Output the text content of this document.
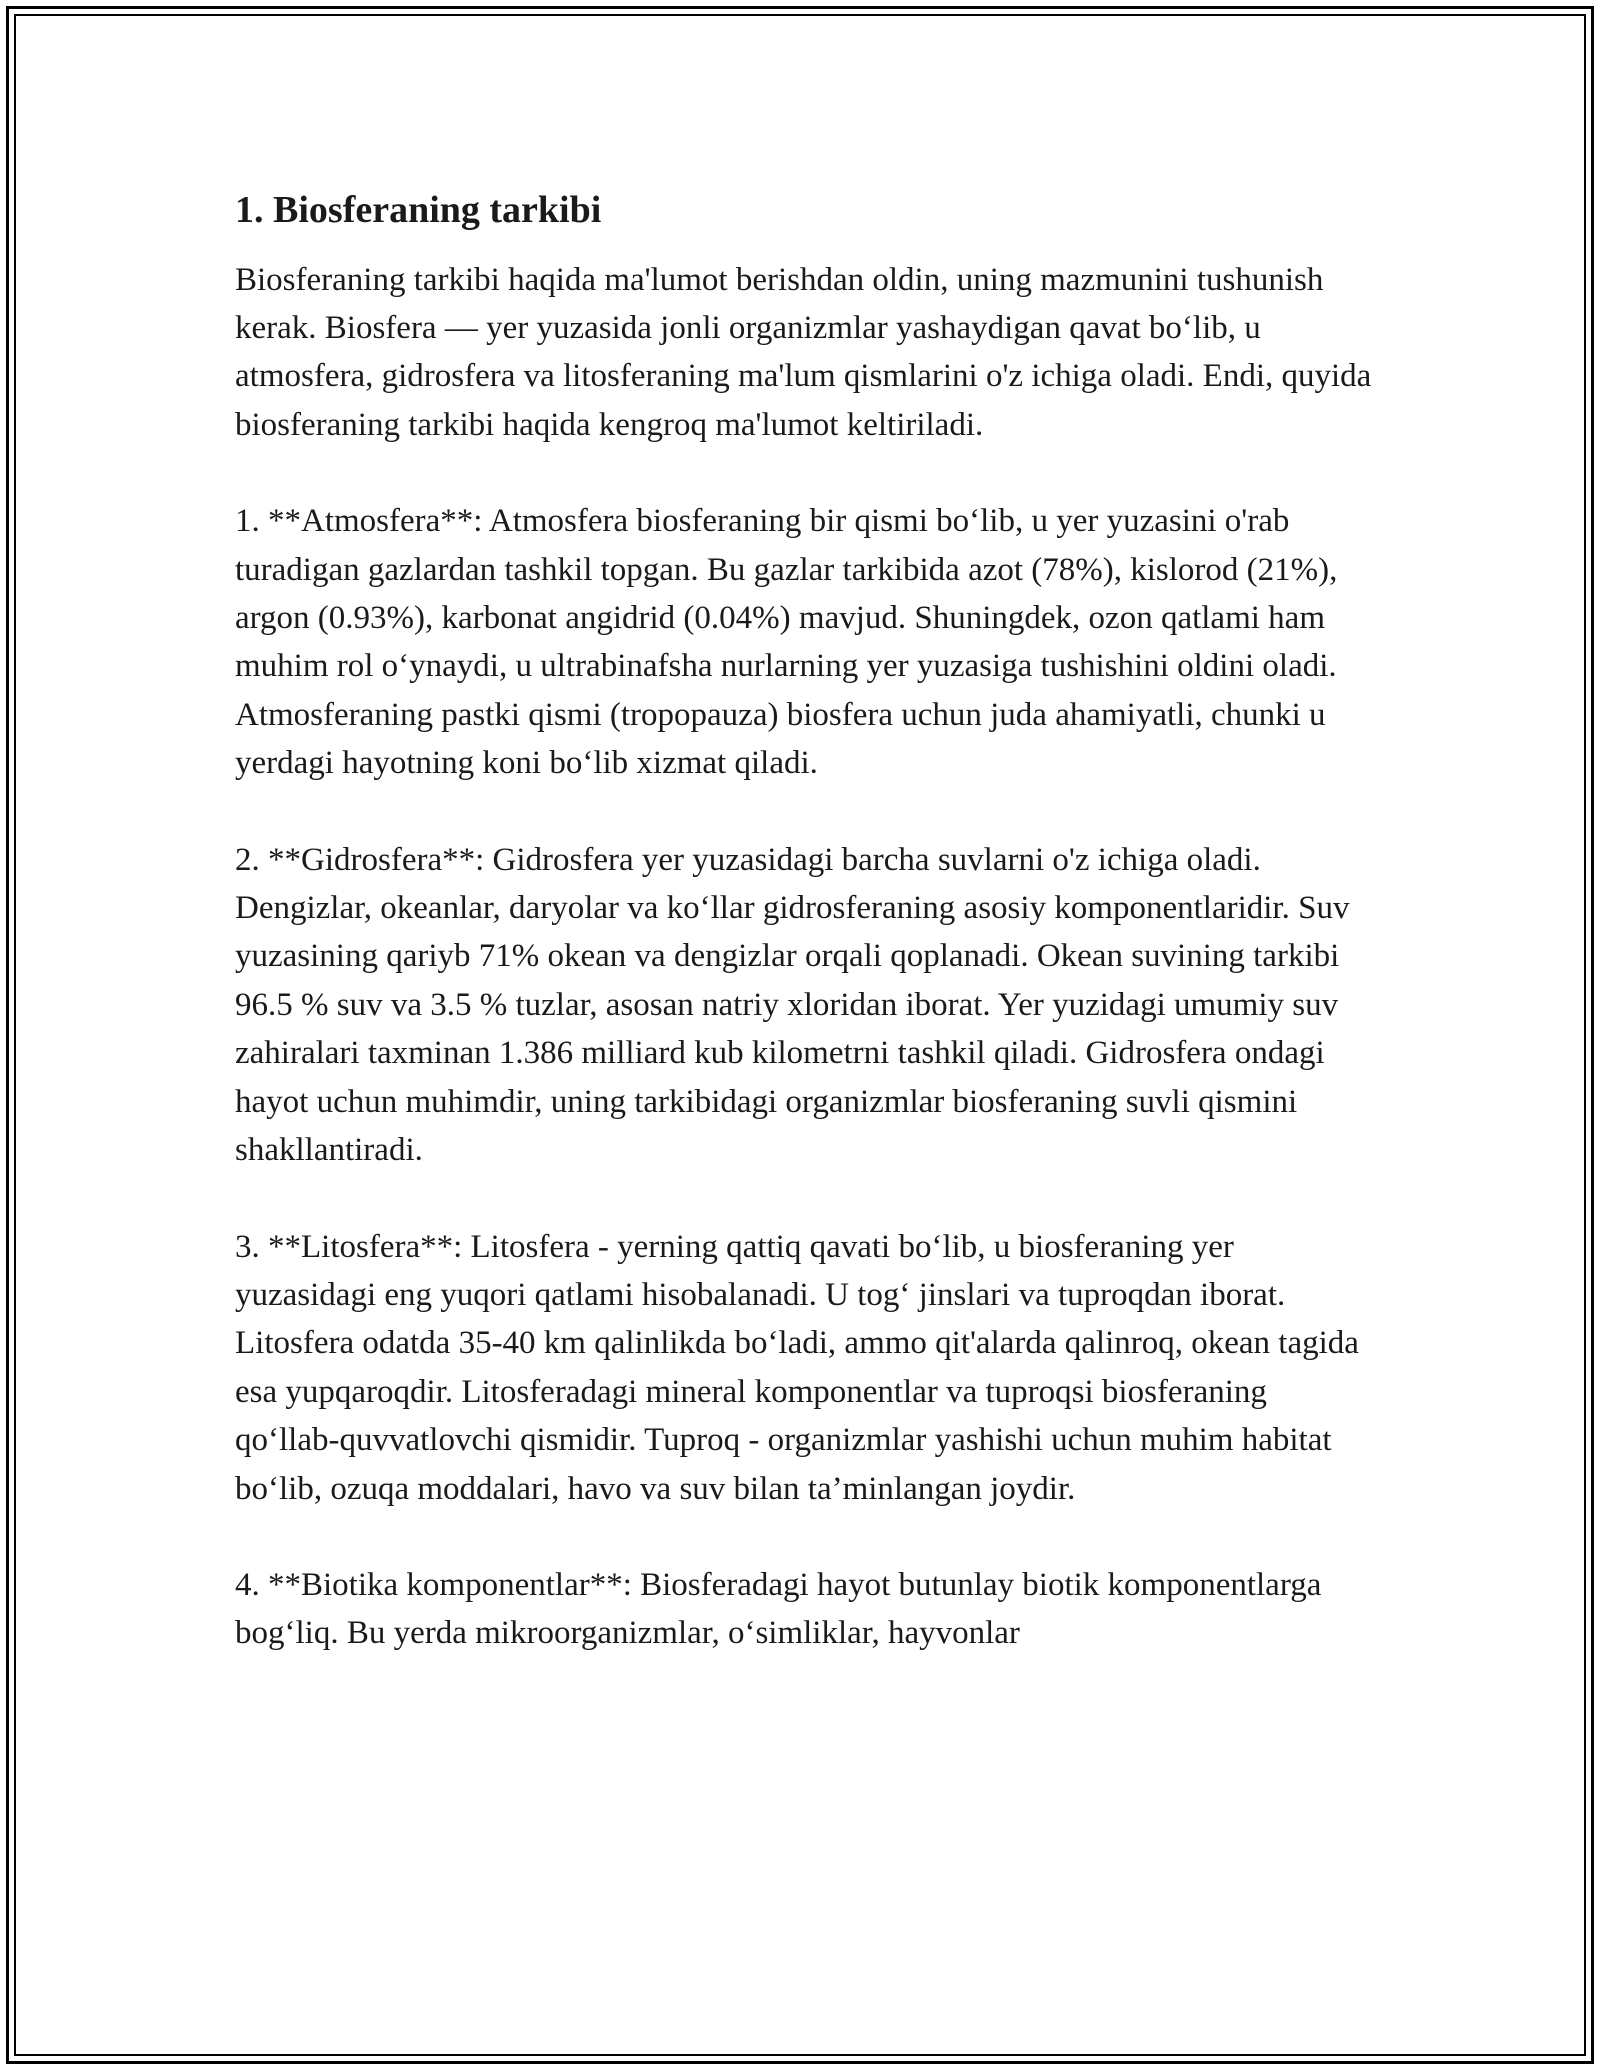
1. Biosferaning tarkibi

Biosferaning tarkibi haqida ma'lumot berishdan oldin, uning mazmunini tushunish kerak. Biosfera — yer yuzasida jonli organizmlar yashaydigan qavat bo‘lib, u atmosfera, gidrosfera va litosferaning ma'lum qismlarini o'z ichiga oladi. Endi, quyida biosferaning tarkibi haqida kengroq ma'lumot keltiriladi.

1. **Atmosfera**: Atmosfera biosferaning bir qismi bo‘lib, u yer yuzasini o'rab turadigan gazlardan tashkil topgan. Bu gazlar tarkibida azot (78%), kislorod (21%), argon (0.93%), karbonat angidrid (0.04%) mavjud. Shuningdek, ozon qatlami ham muhim rol o‘ynaydi, u ultrabinafsha nurlarning yer yuzasiga tushishini oldini oladi. Atmosferaning pastki qismi (tropopauza) biosfera uchun juda ahamiyatli, chunki u yerdagi hayotning koni bo‘lib xizmat qiladi.

2. **Gidrosfera**: Gidrosfera yer yuzasidagi barcha suvlarni o'z ichiga oladi. Dengizlar, okeanlar, daryolar va ko‘llar gidrosferaning asosiy komponentlaridir. Suv yuzasining qariyb 71% okean va dengizlar orqali qoplanadi. Okean suvining tarkibi 96.5 % suv va 3.5 % tuzlar, asosan natriy xloridan iborat. Yer yuzidagi umumiy suv zahiralari taxminan 1.386 milliard kub kilometrni tashkil qiladi. Gidrosfera ondagi hayot uchun muhimdir, uning tarkibidagi organizmlar biosferaning suvli qismini shakllantiradi.

3. **Litosfera**: Litosfera - yerning qattiq qavati bo‘lib, u biosferaning yer yuzasidagi eng yuqori qatlami hisobalanadi. U tog‘ jinslari va tuproqdan iborat. Litosfera odatda 35-40 km qalinlikda bo‘ladi, ammo qit'alarda qalinroq, okean tagida esa yupqaroqdir. Litosferadagi mineral komponentlar va tuproqsi biosferaning qo‘llab-quvvatlovchi qismidir. Tuproq - organizmlar yashishi uchun muhim habitat bo‘lib, ozuqa moddalari, havo va suv bilan ta’minlangan joydir.

4. **Biotika komponentlar**: Biosferadagi hayot butunlay biotik komponentlarga bog‘liq. Bu yerda mikroorganizmlar, o‘simliklar, hayvonlar
